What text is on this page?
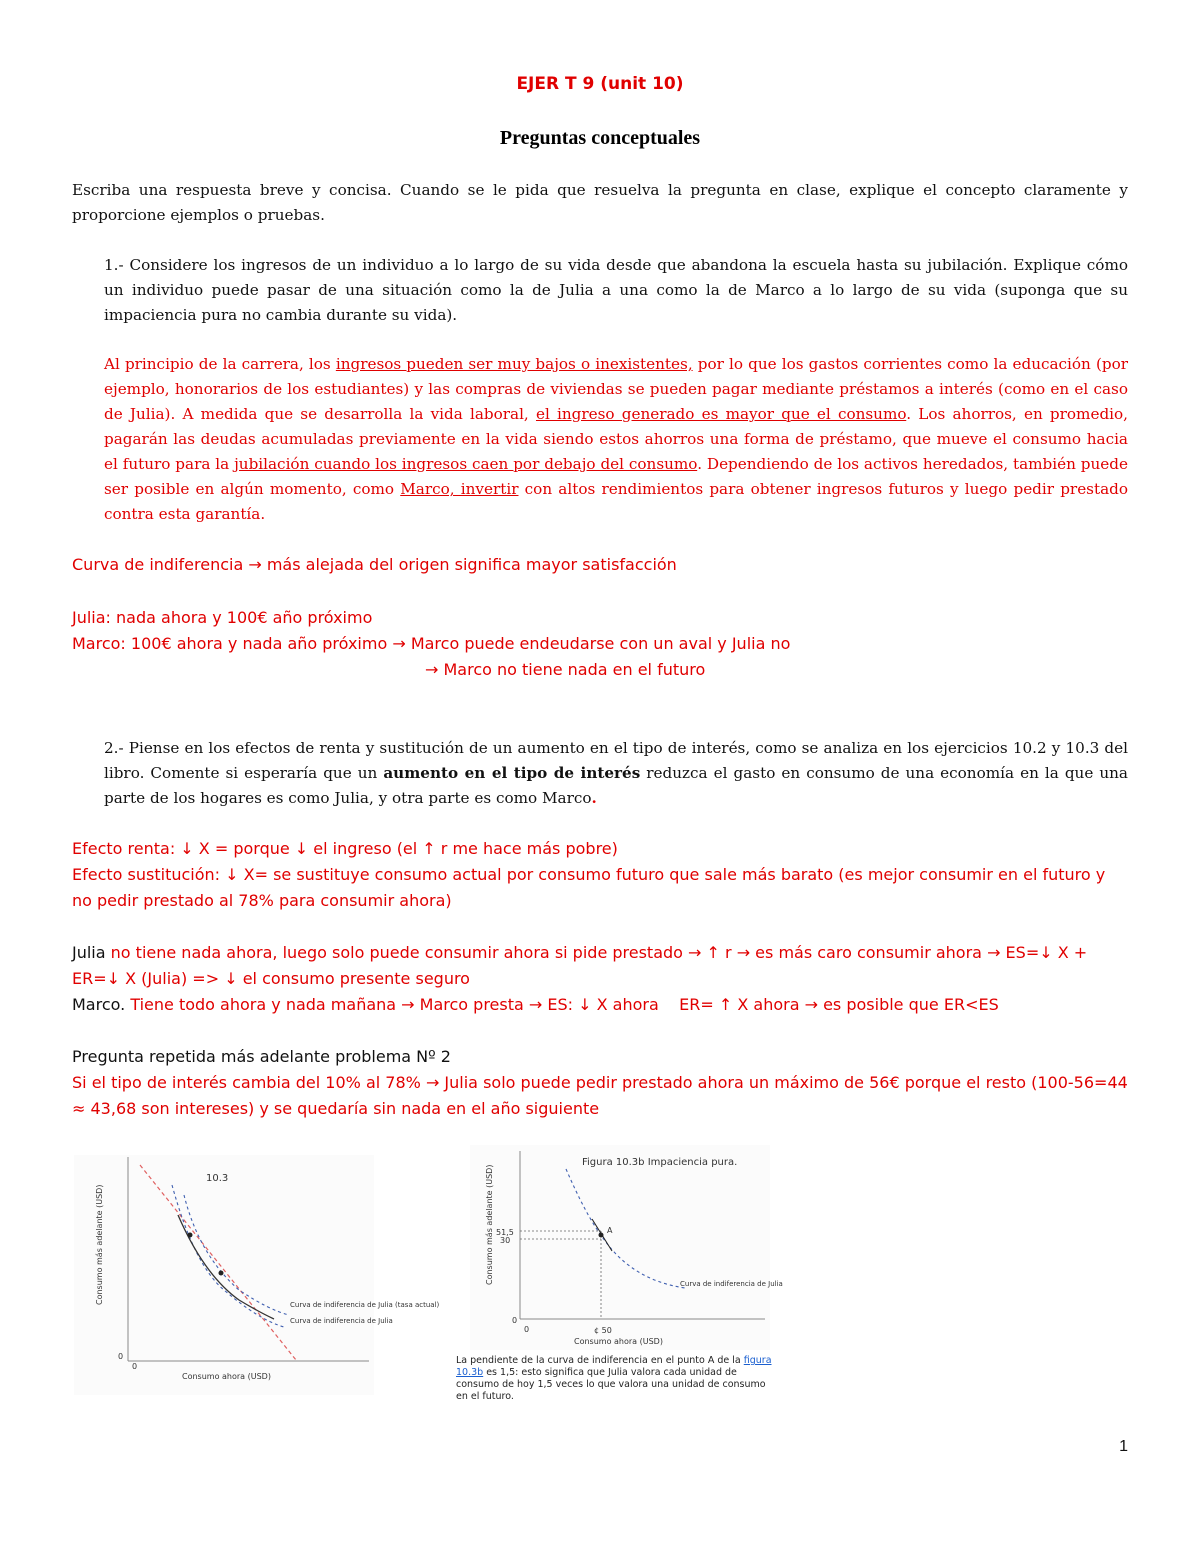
EJER T 9 (unit 10)
Preguntas conceptuales

Escriba una respuesta breve y concisa. Cuando se le pida que resuelva la pregunta en clase, explique el concepto claramente y proporcione ejemplos o pruebas.

1.- Considere los ingresos de un individuo a lo largo de su vida desde que abandona la escuela hasta su jubilación. Explique cómo un individuo puede pasar de una situación como la de Julia a una como la de Marco a lo largo de su vida (suponga que su impaciencia pura no cambia durante su vida).

Al principio de la carrera, los ingresos pueden ser muy bajos o inexistentes, por lo que los gastos corrientes como la educación (por ejemplo, honorarios de los estudiantes) y las compras de viviendas se pueden pagar mediante préstamos a interés (como en el caso de Julia). A medida que se desarrolla la vida laboral, el ingreso generado es mayor que el consumo. Los ahorros, en promedio, pagarán las deudas acumuladas previamente en la vida siendo estos ahorros una forma de préstamo, que mueve el consumo hacia el futuro para la jubilación cuando los ingresos caen por debajo del consumo. Dependiendo de los activos heredados, también puede ser posible en algún momento, como Marco, invertir con altos rendimientos para obtener ingresos futuros y luego pedir prestado contra esta garantía.

Curva de indiferencia → más alejada del origen significa mayor satisfacción
Julia: nada ahora y 100€ año próximo
Marco: 100€ ahora y nada año próximo → Marco puede endeudarse con un aval y Julia no
→ Marco no tiene nada en el futuro

2.- Piense en los efectos de renta y sustitución de un aumento en el tipo de interés, como se analiza en los ejercicios 10.2 y 10.3 del libro. Comente si esperaría que un aumento en el tipo de interés reduzca el gasto en consumo de una economía en la que una parte de los hogares es como Julia, y otra parte es como Marco.

Efecto renta: ↓ X = porque ↓ el ingreso (el ↑ r me hace más pobre)
Efecto sustitución: ↓ X= se sustituye consumo actual por consumo futuro que sale más barato (es mejor consumir en el futuro y no pedir prestado al 78% para consumir ahora)
Julia no tiene nada ahora, luego solo puede consumir ahora si pide prestado → ↑ r → es más caro consumir ahora → ES=↓ X + ER=↓ X (Julia) => ↓ el consumo presente seguro
Marco. Tiene todo ahora y nada mañana → Marco presta → ES: ↓ X ahora    ER= ↑ X ahora → es posible que ER<ES
Pregunta repetida más adelante problema Nº 2
Si el tipo de interés cambia del 10% al 78% → Julia solo puede pedir prestado ahora un máximo de 56€ porque el resto (100-56=44 ≈ 43,68 son intereses) y se quedaría sin nada en el año siguiente
10.3
Consumo más adelante (USD)
Consumo ahora (USD)
0
0
Curva de indiferencia de Julia (tasa actual)
Curva de indiferencia de Julia
Figura 10.3b Impaciencia pura.
Consumo más adelante (USD)
Consumo ahora (USD)
51,5
30
¢ 50
0
0
A
Curva de indiferencia de Julia

La pendiente de la curva de indiferencia en el punto A de la figura 10.3b es 1,5: esto significa que Julia valora cada unidad de consumo de hoy 1,5 veces lo que valora una unidad de consumo en el futuro.

1
